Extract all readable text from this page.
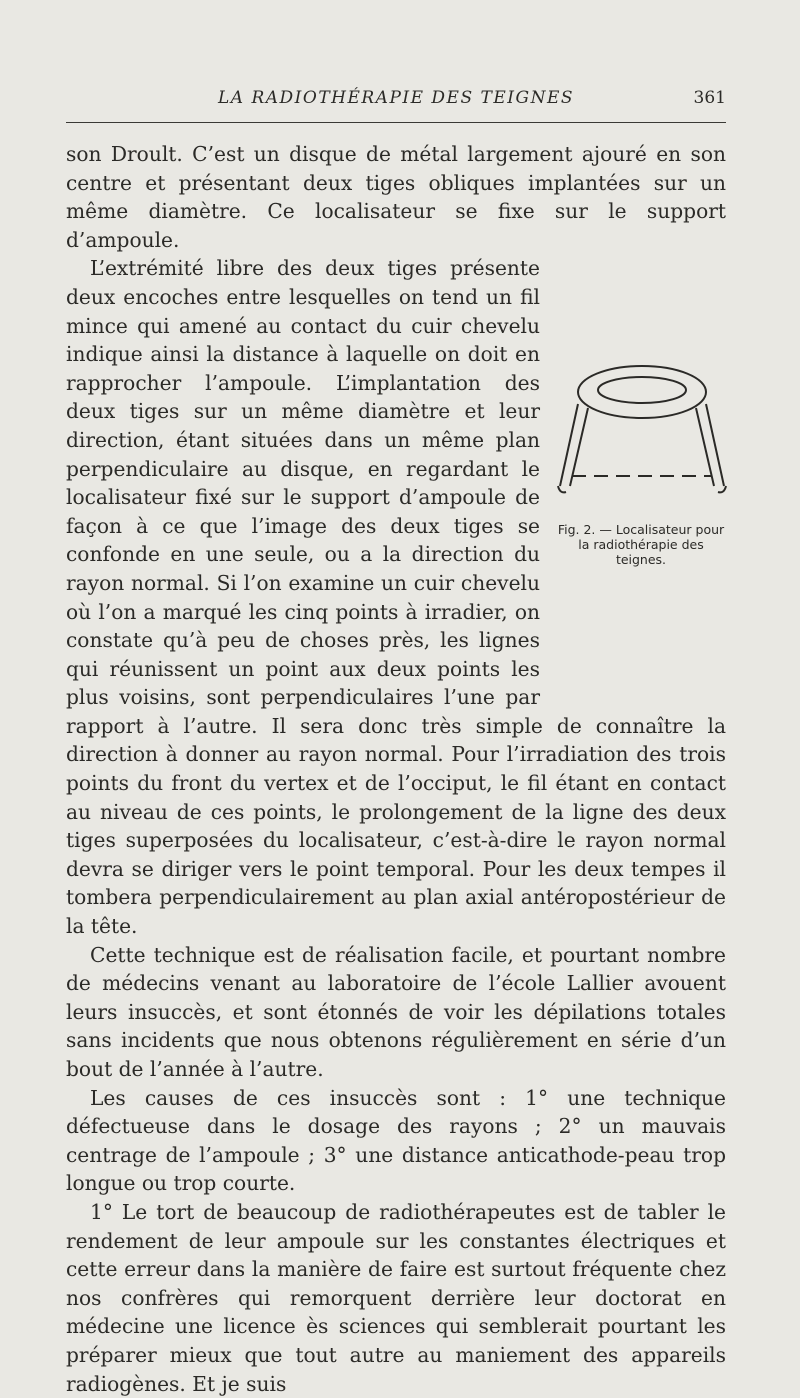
LA RADIOTHÉRAPIE DES TEIGNES	361

son Droult. C’est un disque de métal largement ajouré en son centre et présentant deux tiges obliques implantées sur un même diamètre. Ce localisateur se fixe sur le support d’ampoule.

Fig. 2. — Localisateur pour la radiothérapie des teignes.

L’extrémité libre des deux tiges présente deux encoches entre lesquelles on tend un fil mince qui amené au contact du cuir chevelu indique ainsi la distance à laquelle on doit en rapprocher l’ampoule. L’implantation des deux tiges sur un même diamètre et leur direction, étant situées dans un même plan perpendiculaire au disque, en regardant le localisateur fixé sur le support d’ampoule de façon à ce que l’image des deux tiges se confonde en une seule, ou a la direction du rayon normal. Si l’on examine un cuir chevelu où l’on a marqué les cinq points à irradier, on constate qu’à peu de choses près, les lignes qui réunissent un point aux deux points les plus voisins, sont perpendiculaires l’une par rapport à l’autre. Il sera donc très simple de connaître la direction à donner au rayon normal. Pour l’irradiation des trois points du front du vertex et de l’occiput, le fil étant en contact au niveau de ces points, le prolongement de la ligne des deux tiges superposées du localisateur, c’est-à-dire le rayon normal devra se diriger vers le point temporal. Pour les deux tempes il tombera perpendiculairement au plan axial antéropostérieur de la tête.

Cette technique est de réalisation facile, et pourtant nombre de médecins venant au laboratoire de l’école Lallier avouent leurs insuccès, et sont étonnés de voir les dépilations totales sans incidents que nous obtenons régulièrement en série d’un bout de l’année à l’autre.

Les causes de ces insuccès sont : 1° une technique défectueuse dans le dosage des rayons ; 2° un mauvais centrage de l’ampoule ; 3° une distance anticathode-peau trop longue ou trop courte.

1° Le tort de beaucoup de radiothérapeutes est de tabler le rendement de leur ampoule sur les constantes électriques et cette erreur dans la manière de faire est surtout fréquente chez nos confrères qui remorquent derrière leur doctorat en médecine une licence ès sciences qui semblerait pourtant les préparer mieux que tout autre au maniement des appareils radiogènes. Et je suis
